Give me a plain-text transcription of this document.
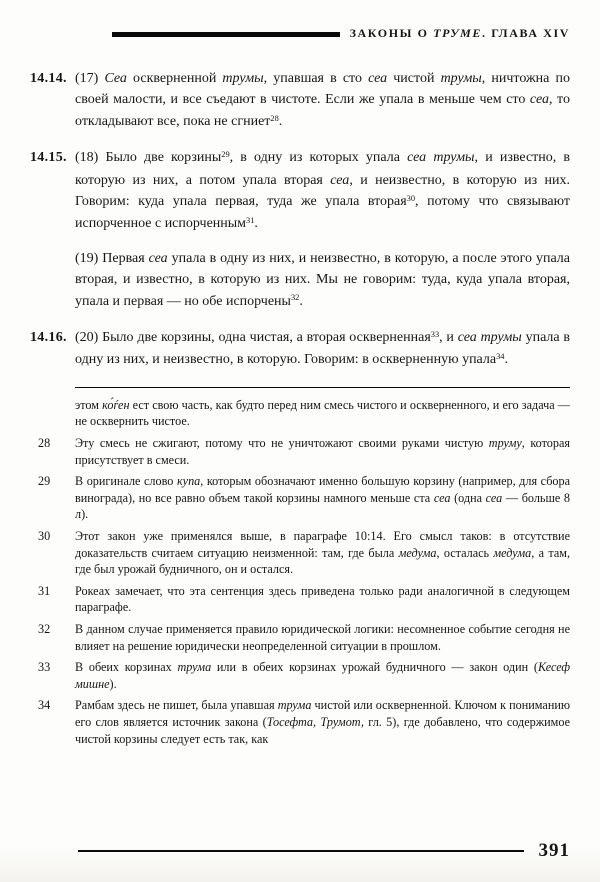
ЗАКОНЫ О ТРУМЕ. ГЛАВА XIV
14.14. (17) Сеа оскверненной трумы, упавшая в сто сеа чистой трумы, ничтожна по своей малости, и все съедают в чистоте. Если же упала в меньше чем сто сеа, то откладывают все, пока не сгниет$^{28}$.
14.15. (18) Было две корзины$^{29}$, в одну из которых упала сеа трумы, и известно, в которую из них, а потом упала вторая сеа, и неизвестно, в которую из них. Говорим: куда упала первая, туда же упала вторая$^{30}$, потому что связывают испорченное с испорченным$^{31}$.
(19) Первая сеа упала в одну из них, и неизвестно, в которую, а после этого упала вторая, и известно, в которую из них. Мы не говорим: туда, куда упала вторая, упала и первая — но обе испорчены$^{32}$.
14.16. (20) Было две корзины, одна чистая, а вторая оскверненная$^{33}$, и сеа трумы упала в одну из них, и неизвестно, в которую. Говорим: в оскверненную упала$^{34}$.
этом ко́ѓен ест свою часть, как будто перед ним смесь чистого и оскверненного, и его задача — не осквернить чистое.
28 Эту смесь не сжигают, потому что не уничтожают своими руками чистую труму, которая присутствует в смеси.
29 В оригинале слово купа, которым обозначают именно большую корзину (например, для сбора винограда), но все равно объем такой корзины намного меньше ста сеа (одна сеа — больше 8 л).
30 Этот закон уже применялся выше, в параграфе 10:14. Его смысл таков: в отсутствие доказательств считаем ситуацию неизменной: там, где была медума, осталась медума, а там, где был урожай будничного, он и остался.
31 Рокеах замечает, что эта сентенция здесь приведена только ради аналогичной в следующем параграфе.
32 В данном случае применяется правило юридической логики: несомненное событие сегодня не влияет на решение юридически неопределенной ситуации в прошлом.
33 В обеих корзинах трума или в обеих корзинах урожай будничного — закон один (Кесеф мишне).
34 Рамбам здесь не пишет, была упавшая трума чистой или оскверненной. Ключом к пониманию его слов является источник закона (Тосефта, Трумот, гл. 5), где добавлено, что содержимое чистой корзины следует есть так, как
391
